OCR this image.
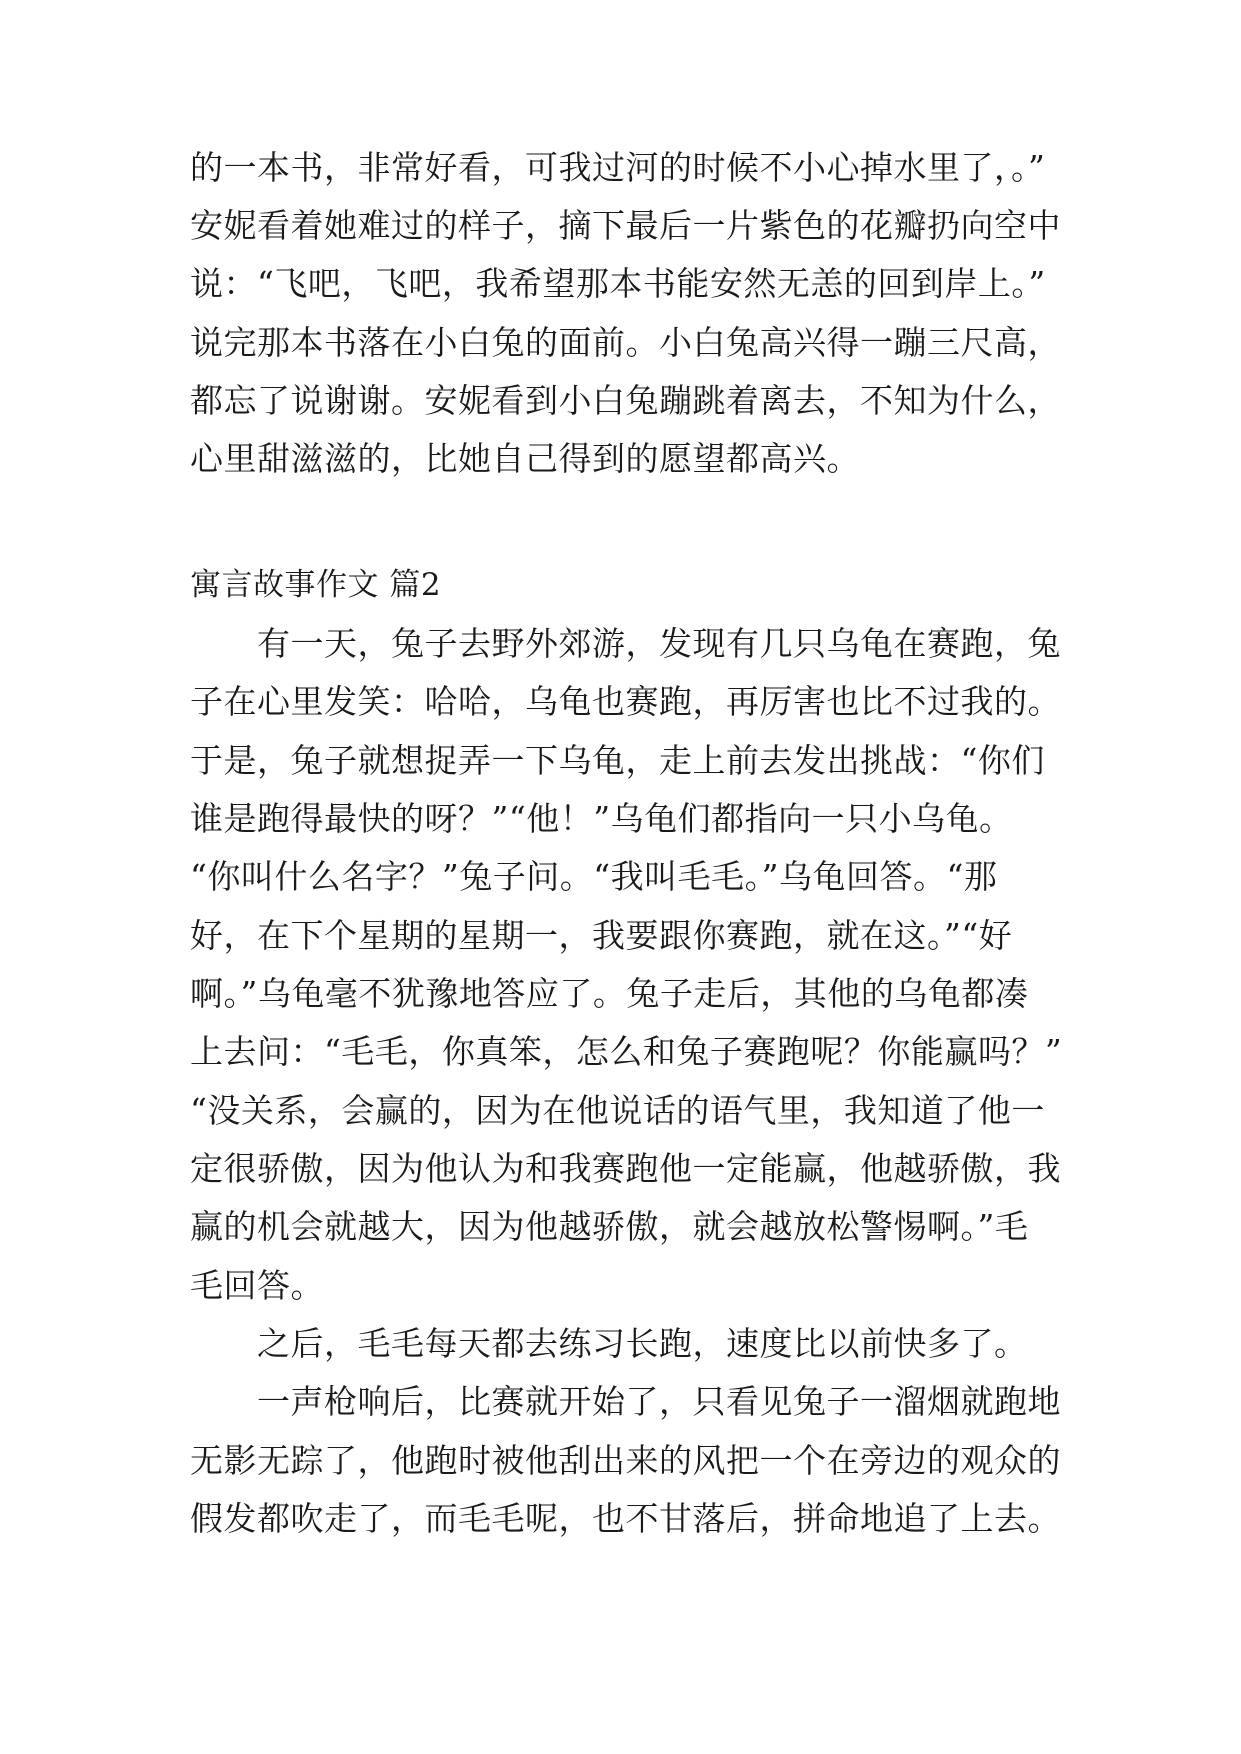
的一本书，非常好看，可我过河的时候不小心掉水里了，。”
安妮看着她难过的样子，摘下最后一片紫色的花瓣扔向空中
说：“飞吧，飞吧，我希望那本书能安然无恙的回到岸上。”
说完那本书落在小白兔的面前。小白兔高兴得一蹦三尺高，
都忘了说谢谢。安妮看到小白兔蹦跳着离去，不知为什么，
心里甜滋滋的，比她自己得到的愿望都高兴。
寓言故事作文 篇2
　　有一天，兔子去野外郊游，发现有几只乌龟在赛跑，兔
子在心里发笑：哈哈，乌龟也赛跑，再厉害也比不过我的。
于是，兔子就想捉弄一下乌龟，走上前去发出挑战：“你们
谁是跑得最快的呀？”“他！”乌龟们都指向一只小乌龟。
“你叫什么名字？”兔子问。“我叫毛毛。”乌龟回答。“那
好，在下个星期的星期一，我要跟你赛跑，就在这。”“好
啊。”乌龟毫不犹豫地答应了。兔子走后，其他的乌龟都凑
上去问：“毛毛，你真笨，怎么和兔子赛跑呢？你能赢吗？”
“没关系，会赢的，因为在他说话的语气里，我知道了他一
定很骄傲，因为他认为和我赛跑他一定能赢，他越骄傲，我
赢的机会就越大，因为他越骄傲，就会越放松警惕啊。”毛
毛回答。
　　之后，毛毛每天都去练习长跑，速度比以前快多了。
　　一声枪响后，比赛就开始了，只看见兔子一溜烟就跑地
无影无踪了，他跑时被他刮出来的风把一个在旁边的观众的
假发都吹走了，而毛毛呢，也不甘落后，拼命地追了上去。
